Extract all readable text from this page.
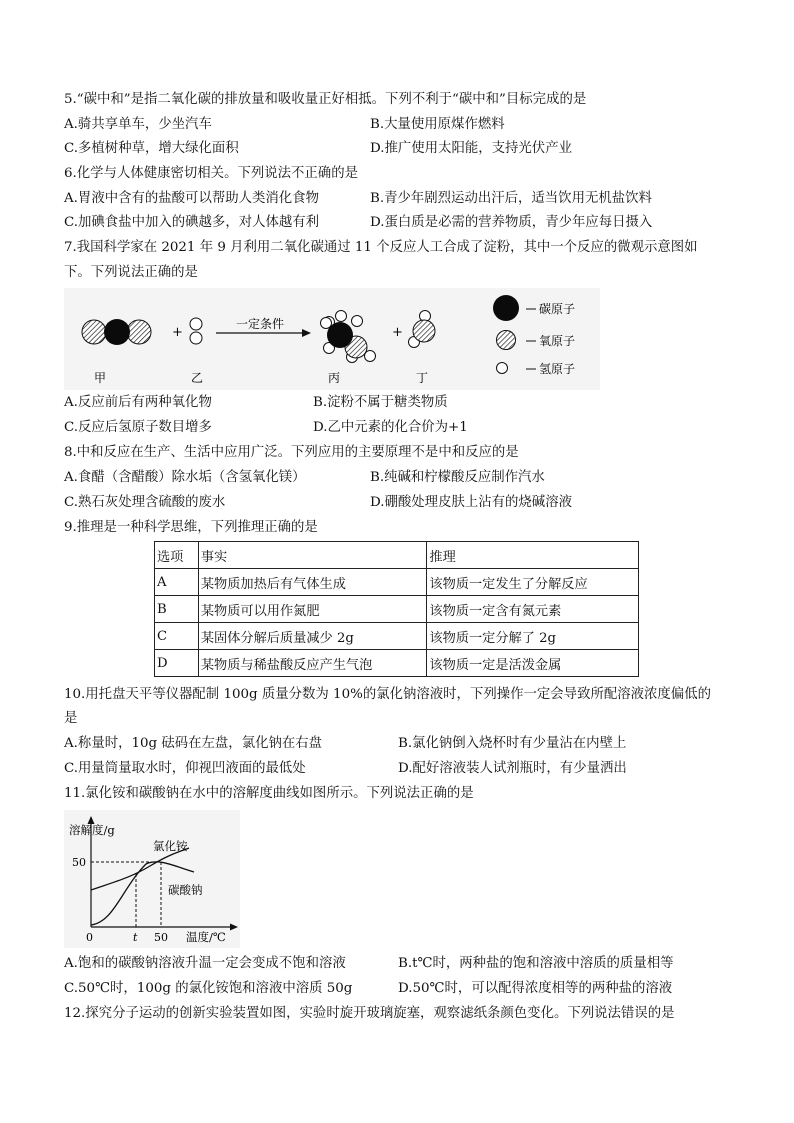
5.“碳中和”是指二氧化碳的排放量和吸收量正好相抵。下列不利于“碳中和”目标完成的是
A.骑共享单车，少坐汽车	B.大量使用原煤作燃料
C.多植树种草，增大绿化面积	D.推广使用太阳能，支持光伏产业
6.化学与人体健康密切相关。下列说法不正确的是
A.胃液中含有的盐酸可以帮助人类消化食物	B.青少年剧烈运动出汗后，适当饮用无机盐饮料
C.加碘食盐中加入的碘越多，对人体越有利	D.蛋白质是必需的营养物质，青少年应每日摄入
7.我国科学家在 2021 年 9 月利用二氧化碳通过 11 个反应人工合成了淀粉，其中一个反应的微观示意图如
下。下列说法正确的是
+
一定条件
+
甲	乙	丙	丁
碳原子
氧原子
氢原子
A.反应前后有两种氧化物	B.淀粉不属于糖类物质
C.反应后氢原子数目增多	D.乙中元素的化合价为+1
8.中和反应在生产、生活中应用广泛。下列应用的主要原理不是中和反应的是
A.食醋（含醋酸）除水垢（含氢氧化镁）	B.纯碱和柠檬酸反应制作汽水
C.熟石灰处理含硫酸的废水	D.硼酸处理皮肤上沾有的烧碱溶液
9.推理是一种科学思维，下列推理正确的是
选项	事实	推理
A	某物质加热后有气体生成	该物质一定发生了分解反应
B	某物质可以用作氮肥	该物质一定含有氮元素
C	某固体分解后质量减少 2g	该物质一定分解了 2g
D	某物质与稀盐酸反应产生气泡	该物质一定是活泼金属
10.用托盘天平等仪器配制 100g 质量分数为 10%的氯化钠溶液时，下列操作一定会导致所配溶液浓度偏低的
是
A.称量时，10g 砝码在左盘，氯化钠在右盘	B.氯化钠倒入烧杯时有少量沾在内壁上
C.用量筒量取水时，仰视凹液面的最低处	D.配好溶液装人试剂瓶时，有少量洒出
11.氯化铵和碳酸钠在水中的溶解度曲线如图所示。下列说法正确的是
溶解度/g
50
0	t 50 温度/℃
氯化铵
碳酸钠
A.饱和的碳酸钠溶液升温一定会变成不饱和溶液	B.t℃时，两种盐的饱和溶液中溶质的质量相等
C.50℃时，100g 的氯化铵饱和溶液中溶质 50g	D.50℃时，可以配得浓度相等的两种盐的溶液
12.探究分子运动的创新实验装置如图，实验时旋开玻璃旋塞，观察滤纸条颜色变化。下列说法错误的是
